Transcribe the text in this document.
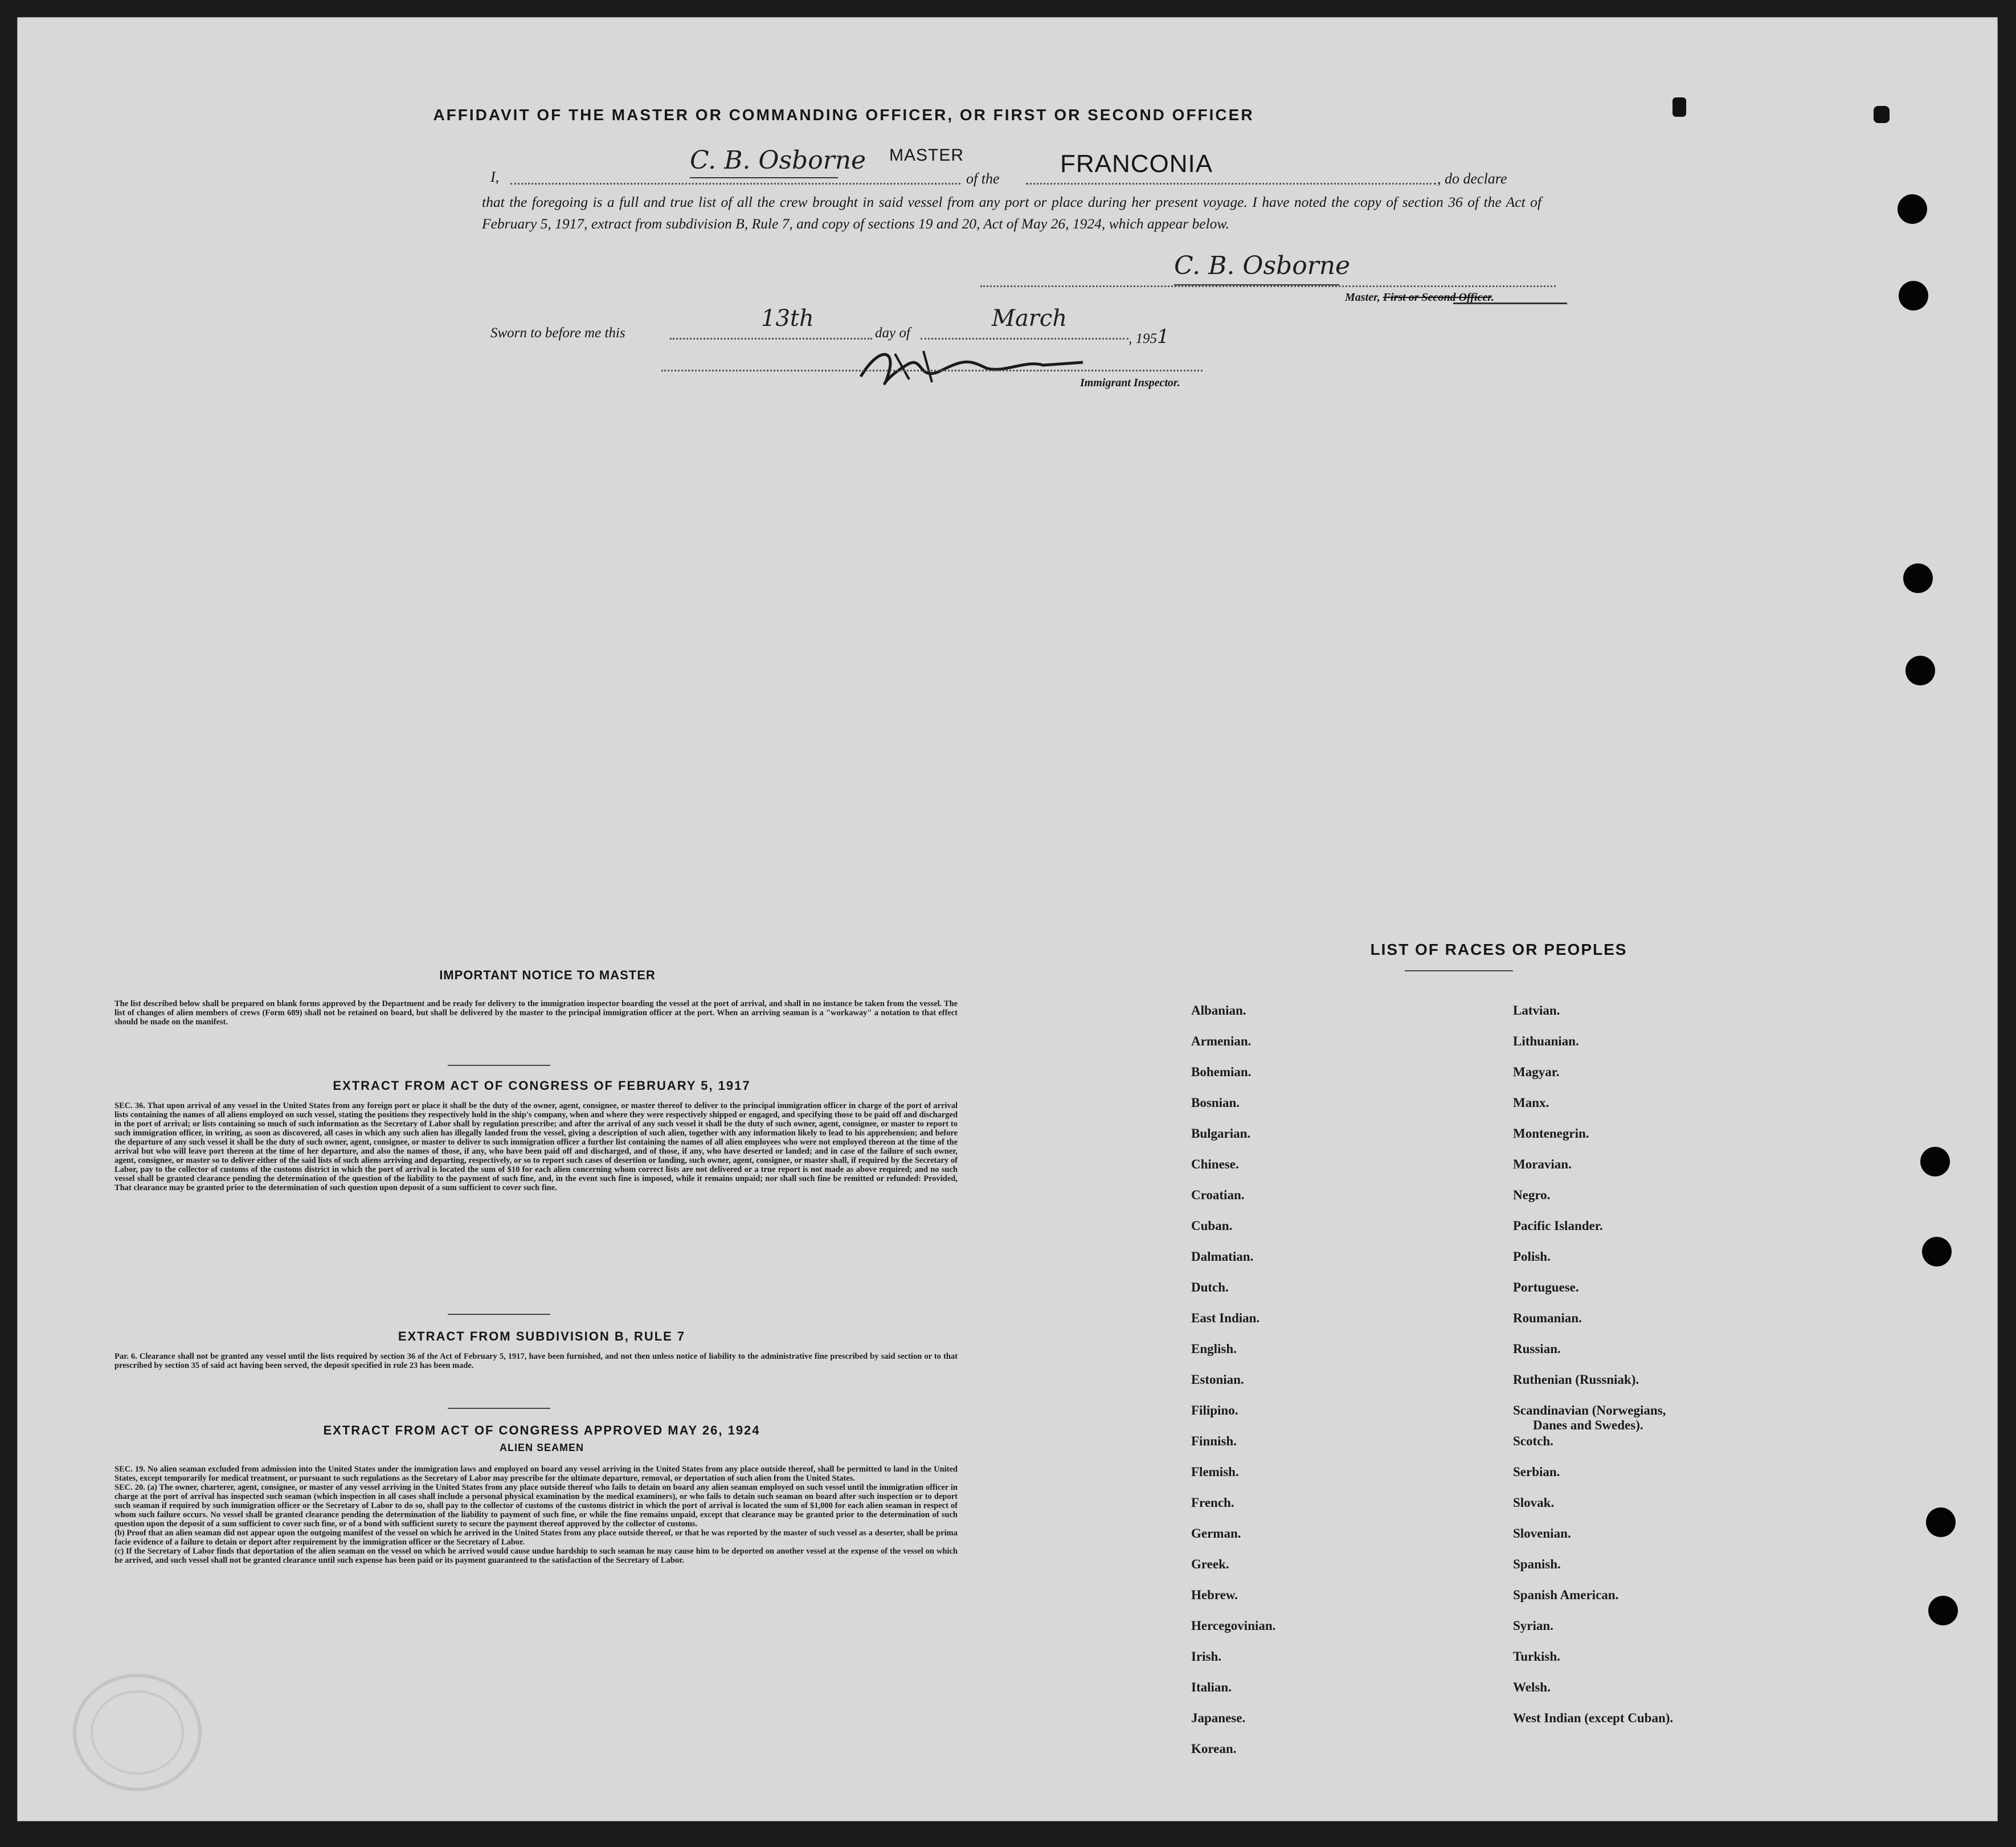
AFFIDAVIT OF THE MASTER OR COMMANDING OFFICER, OR FIRST OR SECOND OFFICER
I,
C. B. Osborne MASTER
of the
FRANCONIA
, do declare
that the foregoing is a full and true list of all the crew brought in said vessel from any port or place during her present voyage. I have noted the copy of section 36 of the Act of February 5, 1917, extract from subdivision B, Rule 7, and copy of sections 19 and 20, Act of May 26, 1924, which appear below.
C. B. Osborne
Master, First or Second Officer.
Sworn to before me this
13th
day of
March
, 1951
[illegible signature]
Immigrant Inspector.
IMPORTANT NOTICE TO MASTER
The list described below shall be prepared on blank forms approved by the Department and be ready for delivery to the immigration inspector boarding the vessel at the port of arrival, and shall in no instance be taken from the vessel. The list of changes of alien members of crews (Form 689) shall not be retained on board, but shall be delivered by the master to the principal immigration officer at the port. When an arriving seaman is a "workaway" a notation to that effect should be made on the manifest.
EXTRACT FROM ACT OF CONGRESS OF FEBRUARY 5, 1917
SEC. 36. That upon arrival of any vessel in the United States from any foreign port or place it shall be the duty of the owner, agent, consignee, or master thereof to deliver to the principal immigration officer in charge of the port of arrival lists containing the names of all aliens employed on such vessel, stating the positions they respectively hold in the ship's company, when and where they were respectively shipped or engaged, and specifying those to be paid off and discharged in the port of arrival; or lists containing so much of such information as the Secretary of Labor shall by regulation prescribe; and after the arrival of any such vessel it shall be the duty of such owner, agent, consignee, or master to report to such immigration officer, in writing, as soon as discovered, all cases in which any such alien has illegally landed from the vessel, giving a description of such alien, together with any information likely to lead to his apprehension; and before the departure of any such vessel it shall be the duty of such owner, agent, consignee, or master to deliver to such immigration officer a further list containing the names of all alien employees who were not employed thereon at the time of the arrival but who will leave port thereon at the time of her departure, and also the names of those, if any, who have been paid off and discharged, and of those, if any, who have deserted or landed; and in case of the failure of such owner, agent, consignee, or master so to deliver either of the said lists of such aliens arriving and departing, respectively, or so to report such cases of desertion or landing, such owner, agent, consignee, or master shall, if required by the Secretary of Labor, pay to the collector of customs of the customs district in which the port of arrival is located the sum of $10 for each alien concerning whom correct lists are not delivered or a true report is not made as above required; and no such vessel shall be granted clearance pending the determination of the question of the liability to the payment of such fine, and, in the event such fine is imposed, while it remains unpaid; nor shall such fine be remitted or refunded: Provided, That clearance may be granted prior to the determination of such question upon deposit of a sum sufficient to cover such fine.
EXTRACT FROM SUBDIVISION B, RULE 7
Par. 6. Clearance shall not be granted any vessel until the lists required by section 36 of the Act of February 5, 1917, have been furnished, and not then unless notice of liability to the administrative fine prescribed by said section or to that prescribed by section 35 of said act having been served, the deposit specified in rule 23 has been made.
EXTRACT FROM ACT OF CONGRESS APPROVED MAY 26, 1924
ALIEN SEAMEN
SEC. 19. No alien seaman excluded from admission into the United States under the immigration laws and employed on board any vessel arriving in the United States from any place outside thereof, shall be permitted to land in the United States, except temporarily for medical treatment, or pursuant to such regulations as the Secretary of Labor may prescribe for the ultimate departure, removal, or deportation of such alien from the United States.
SEC. 20. (a) The owner, charterer, agent, consignee, or master of any vessel arriving in the United States from any place outside thereof who fails to detain on board any alien seaman employed on such vessel until the immigration officer in charge at the port of arrival has inspected such seaman (which inspection in all cases shall include a personal physical examination by the medical examiners), or who fails to detain such seaman on board after such inspection or to deport such seaman if required by such immigration officer or the Secretary of Labor to do so, shall pay to the collector of customs of the customs district in which the port of arrival is located the sum of $1,000 for each alien seaman in respect of whom such failure occurs. No vessel shall be granted clearance pending the determination of the liability to payment of such fine, or while the fine remains unpaid, except that clearance may be granted prior to the determination of such question upon the deposit of a sum sufficient to cover such fine, or of a bond with sufficient surety to secure the payment thereof approved by the collector of customs.
(b) Proof that an alien seaman did not appear upon the outgoing manifest of the vessel on which he arrived in the United States from any place outside thereof, or that he was reported by the master of such vessel as a deserter, shall be prima facie evidence of a failure to detain or deport after requirement by the immigration officer or the Secretary of Labor.
(c) If the Secretary of Labor finds that deportation of the alien seaman on the vessel on which he arrived would cause undue hardship to such seaman he may cause him to be deported on another vessel at the expense of the vessel on which he arrived, and such vessel shall not be granted clearance until such expense has been paid or its payment guaranteed to the satisfaction of the Secretary of Labor.
LIST OF RACES OR PEOPLES
Albanian.
Armenian.
Bohemian.
Bosnian.
Bulgarian.
Chinese.
Croatian.
Cuban.
Dalmatian.
Dutch.
East Indian.
English.
Estonian.
Filipino.
Finnish.
Flemish.
French.
German.
Greek.
Hebrew.
Hercegovinian.
Irish.
Italian.
Japanese.
Korean.
Latvian.
Lithuanian.
Magyar.
Manx.
Montenegrin.
Moravian.
Negro.
Pacific Islander.
Polish.
Portuguese.
Roumanian.
Russian.
Ruthenian (Russniak).
Scandinavian (Norwegians,
Danes and Swedes).
Scotch.
Serbian.
Slovak.
Slovenian.
Spanish.
Spanish American.
Syrian.
Turkish.
Welsh.
West Indian (except Cuban).
